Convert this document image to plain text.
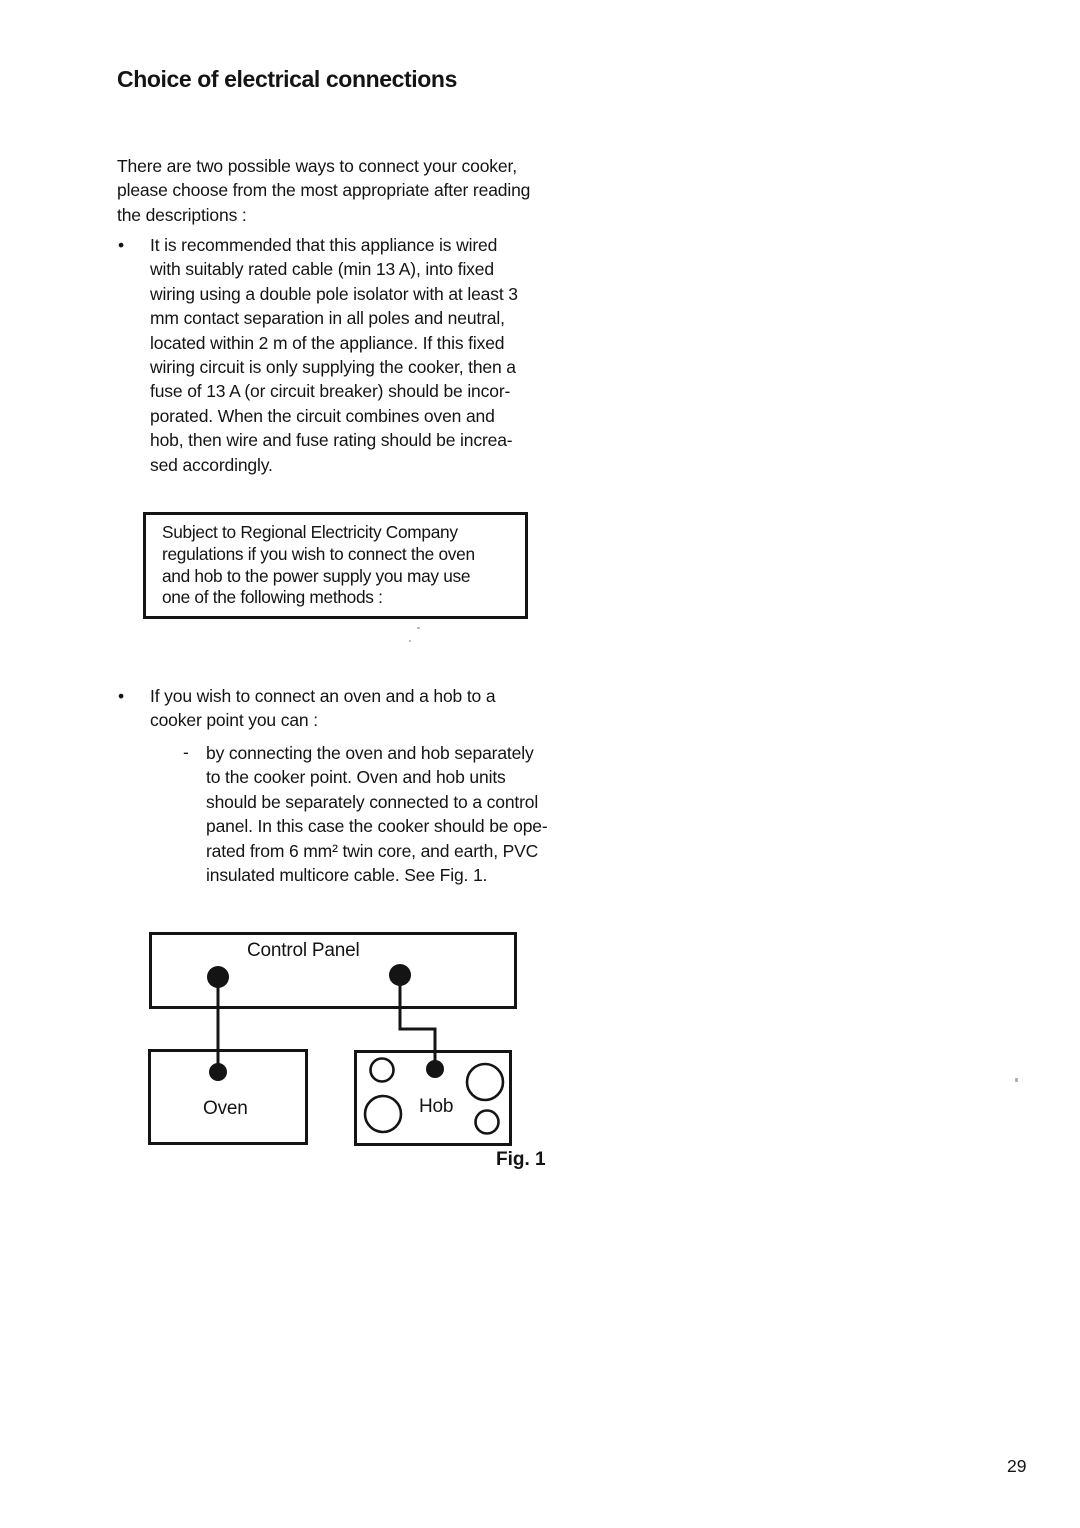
Choice of electrical connections
There are two possible ways to connect your cooker,
please choose from the most appropriate after reading
the descriptions :
• It is recommended that this appliance is wired
with suitably rated cable (min 13 A), into fixed
wiring using a double pole isolator with at least 3
mm contact separation in all poles and neutral,
located within 2 m of the appliance. If this fixed
wiring circuit is only supplying the cooker, then a
fuse of 13 A (or circuit breaker) should be incor-
porated. When the circuit combines oven and
hob, then wire and fuse rating should be increa-
sed accordingly.
Subject to Regional Electricity Company
regulations if you wish to connect the oven
and hob to the power supply you may use
one of the following methods :
• If you wish to connect an oven and a hob to a
cooker point you can :
- by connecting the oven and hob separately
to the cooker point. Oven and hob units
should be separately connected to a control
panel. In this case the cooker should be ope-
rated from 6 mm² twin core, and earth, PVC
insulated multicore cable. See Fig. 1.
Control Panel
Oven	Hob
Fig. 1
29
